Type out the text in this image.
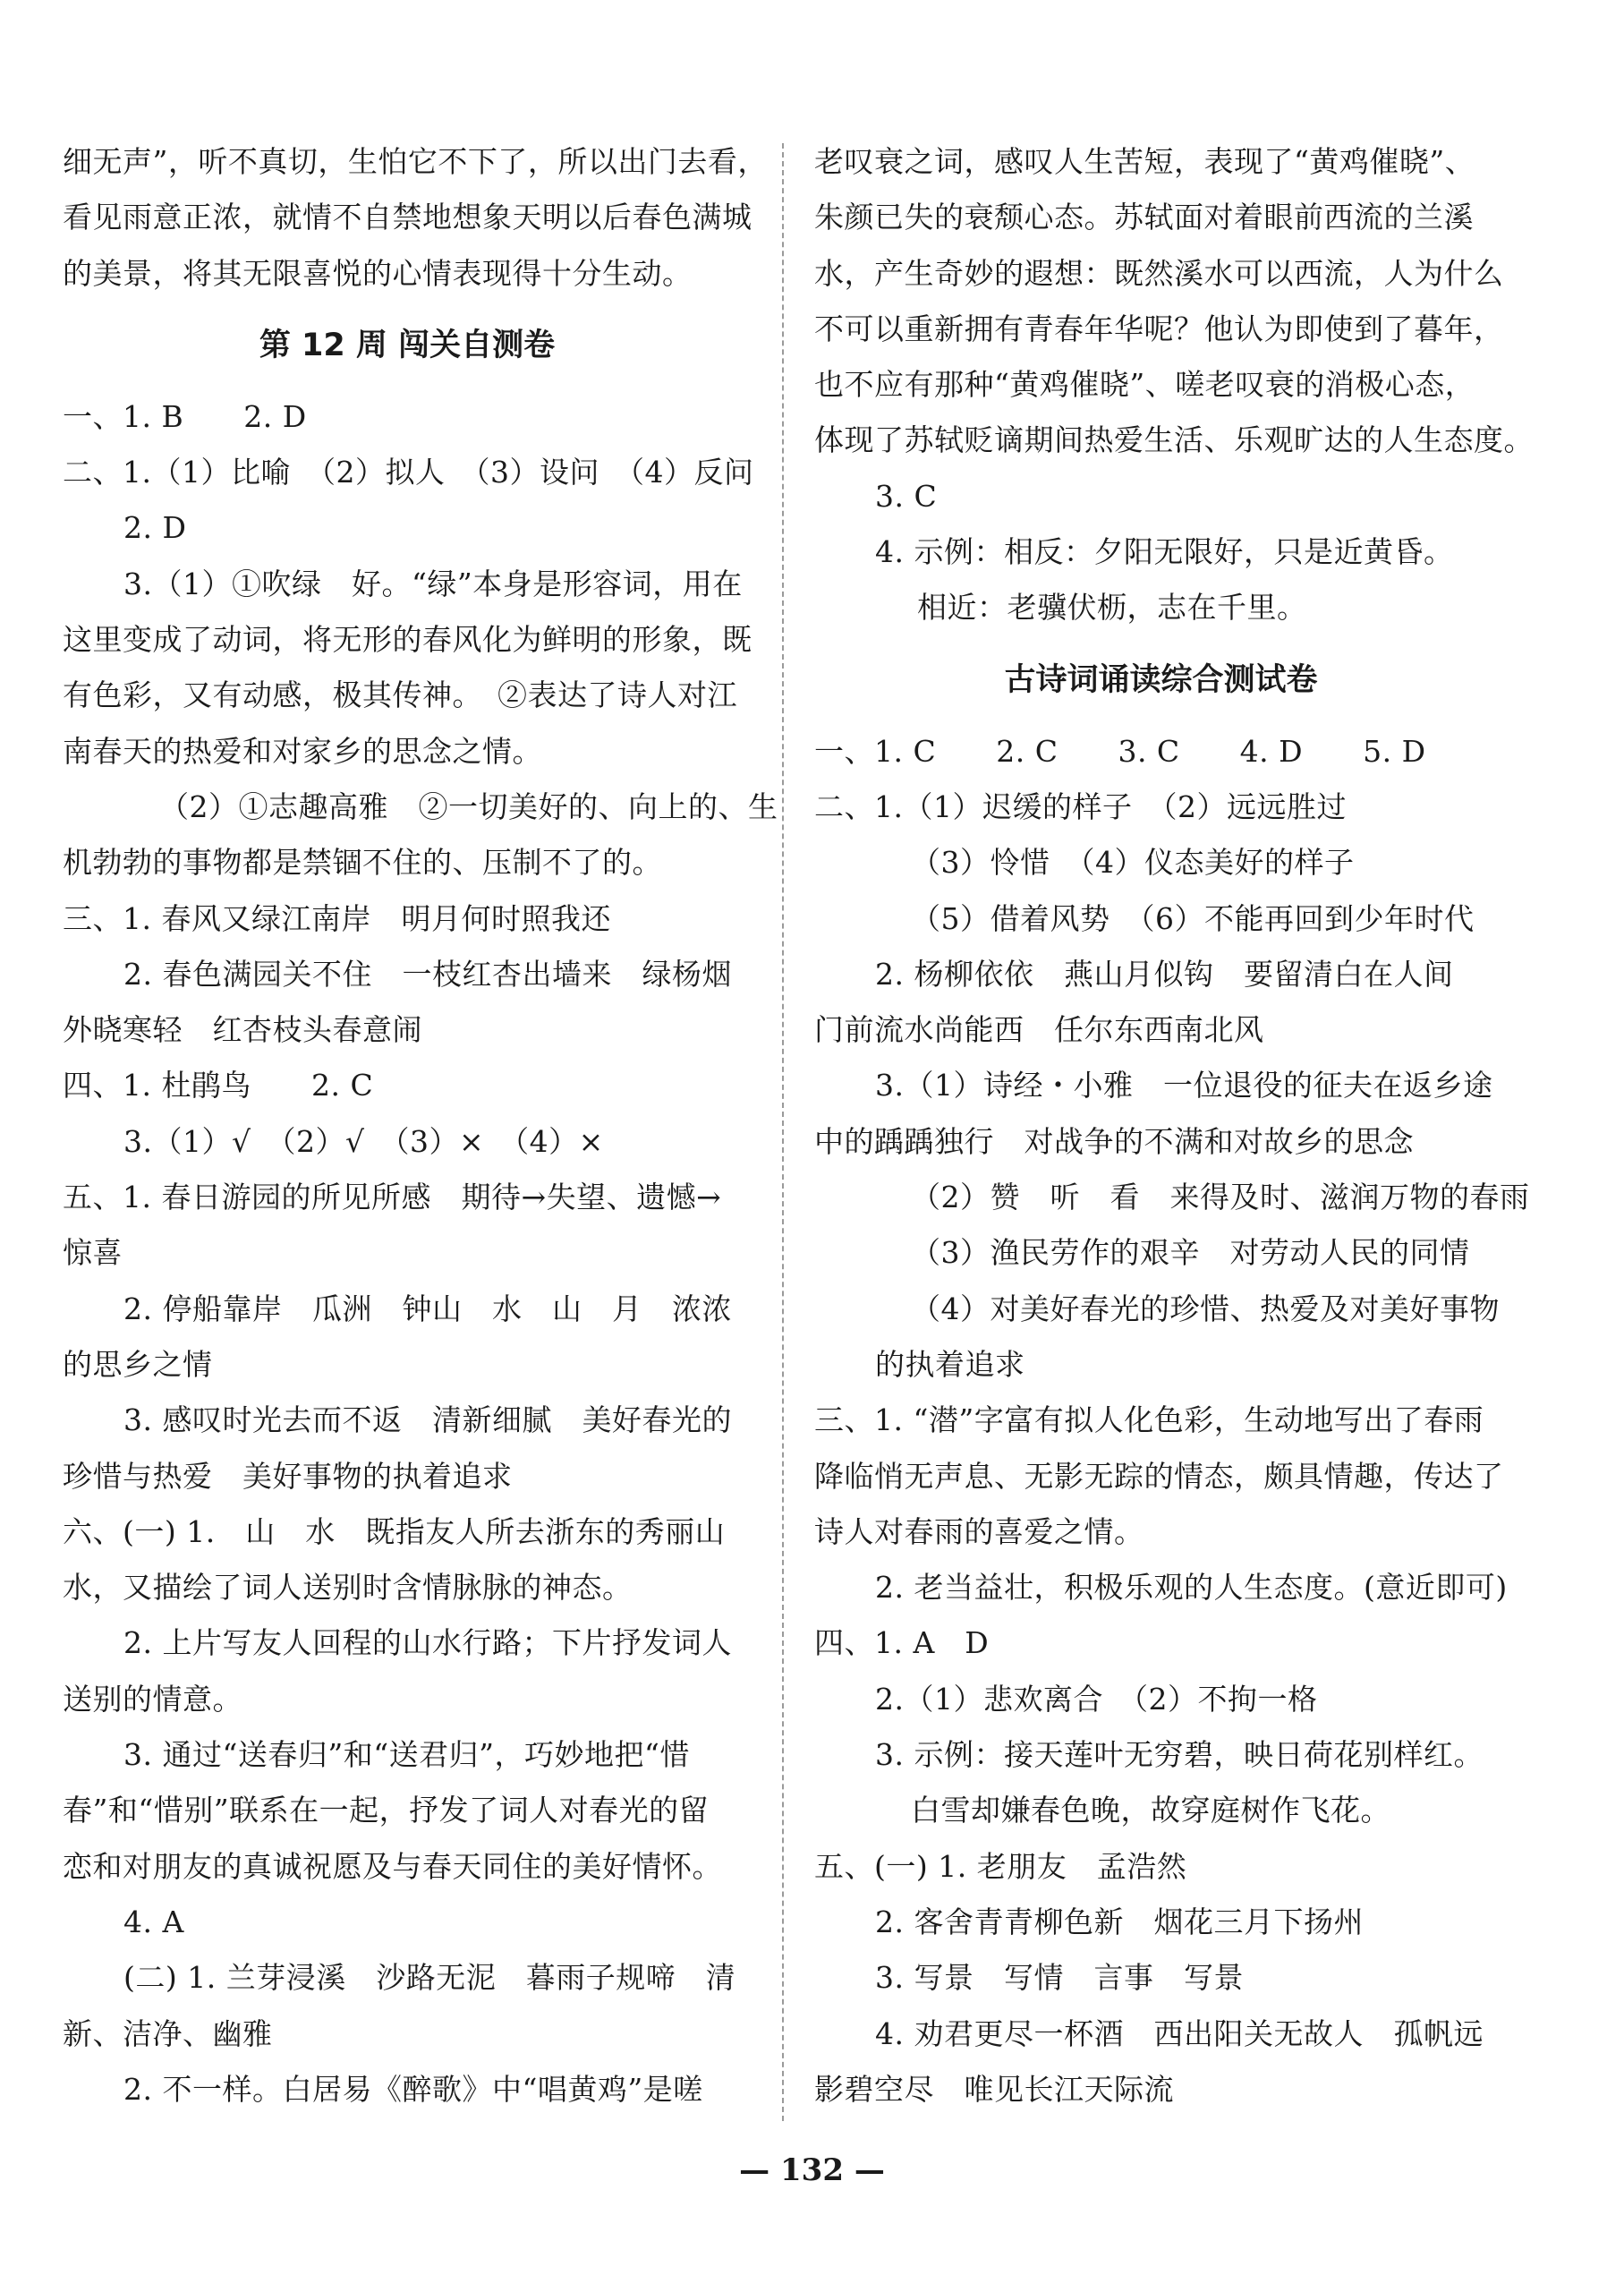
细无声”，听不真切，生怕它不下了，所以出门去看，
看见雨意正浓，就情不自禁地想象天明以后春色满城
的美景，将其无限喜悦的心情表现得十分生动。
第 12 周 闯关自测卷
一、1. B　　2. D
二、1.（1）比喻　（2）拟人　（3）设问　（4）反问
2. D
3.（1）①吹绿　好。“绿”本身是形容词，用在
这里变成了动词，将无形的春风化为鲜明的形象，既
有色彩，又有动感，极其传神。　②表达了诗人对江
南春天的热爱和对家乡的思念之情。
（2）①志趣高雅　②一切美好的、向上的、生
机勃勃的事物都是禁锢不住的、压制不了的。
三、1. 春风又绿江南岸　明月何时照我还
2. 春色满园关不住　一枝红杏出墙来　绿杨烟
外晓寒轻　红杏枝头春意闹
四、1. 杜鹃鸟　　2. C
3.（1）√　（2）√　（3）×　（4）×
五、1. 春日游园的所见所感　期待→失望、遗憾→
惊喜
2. 停船靠岸　瓜洲　钟山　水　山　月　浓浓
的思乡之情
3. 感叹时光去而不返　清新细腻　美好春光的
珍惜与热爱　美好事物的执着追求
六、(一) 1.　山　水　既指友人所去浙东的秀丽山
水，又描绘了词人送别时含情脉脉的神态。
2. 上片写友人回程的山水行路；下片抒发词人
送别的情意。
3. 通过“送春归”和“送君归”，巧妙地把“惜
春”和“惜别”联系在一起，抒发了词人对春光的留
恋和对朋友的真诚祝愿及与春天同住的美好情怀。
4. A
(二) 1. 兰芽浸溪　沙路无泥　暮雨子规啼　清
新、洁净、幽雅
2. 不一样。白居易《醉歌》中“唱黄鸡”是嗟
老叹衰之词，感叹人生苦短，表现了“黄鸡催晓”、
朱颜已失的衰颓心态。苏轼面对着眼前西流的兰溪
水，产生奇妙的遐想：既然溪水可以西流，人为什么
不可以重新拥有青春年华呢？他认为即使到了暮年，
也不应有那种“黄鸡催晓”、嗟老叹衰的消极心态，
体现了苏轼贬谪期间热爱生活、乐观旷达的人生态度。
3. C
4. 示例：相反：夕阳无限好，只是近黄昏。
相近：老骥伏枥，志在千里。
古诗词诵读综合测试卷
一、1. C　　2. C　　3. C　　4. D　　5. D
二、1.（1）迟缓的样子　（2）远远胜过
（3）怜惜　（4）仪态美好的样子
（5）借着风势　（6）不能再回到少年时代
2. 杨柳依依　燕山月似钩　要留清白在人间
门前流水尚能西　任尔东西南北风
3.（1）诗经・小雅　一位退役的征夫在返乡途
中的踽踽独行　对战争的不满和对故乡的思念
（2）赞　听　看　来得及时、滋润万物的春雨
（3）渔民劳作的艰辛　对劳动人民的同情
（4）对美好春光的珍惜、热爱及对美好事物
的执着追求
三、1. “潜”字富有拟人化色彩，生动地写出了春雨
降临悄无声息、无影无踪的情态，颇具情趣，传达了
诗人对春雨的喜爱之情。
2. 老当益壮，积极乐观的人生态度。(意近即可)
四、1. A　D
2.（1）悲欢离合　（2）不拘一格
3. 示例：接天莲叶无穷碧，映日荷花别样红。
白雪却嫌春色晚，故穿庭树作飞花。
五、(一) 1. 老朋友　孟浩然
2. 客舍青青柳色新　烟花三月下扬州
3. 写景　写情　言事　写景
4. 劝君更尽一杯酒　西出阳关无故人　孤帆远
影碧空尽　唯见长江天际流
— 132 —
